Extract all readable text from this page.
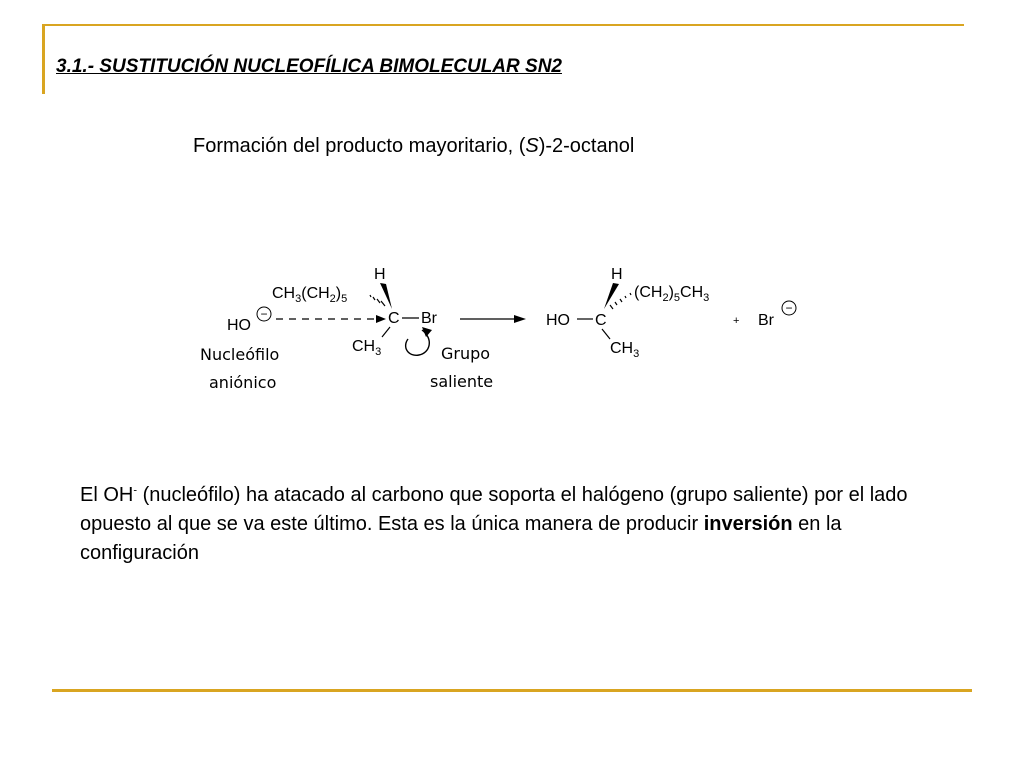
3.1.- SUSTITUCIÓN NUCLEOFÍLICA BIMOLECULAR SN2
Formación del producto mayoritario, (S)-2-octanol
H
$CH_3(CH_2)_5$
C Br
$CH_3$
HO
−
Nucleófilo
aniónico
Grupo
saliente
H
$(CH_2)_5CH_3$
HO C
$CH_3$
+ Br
−
El OH- (nucleófilo) ha atacado al carbono que soporta el halógeno (grupo saliente) por el lado opuesto al que se va este último. Esta es la única manera de producir inversión en la configuración
